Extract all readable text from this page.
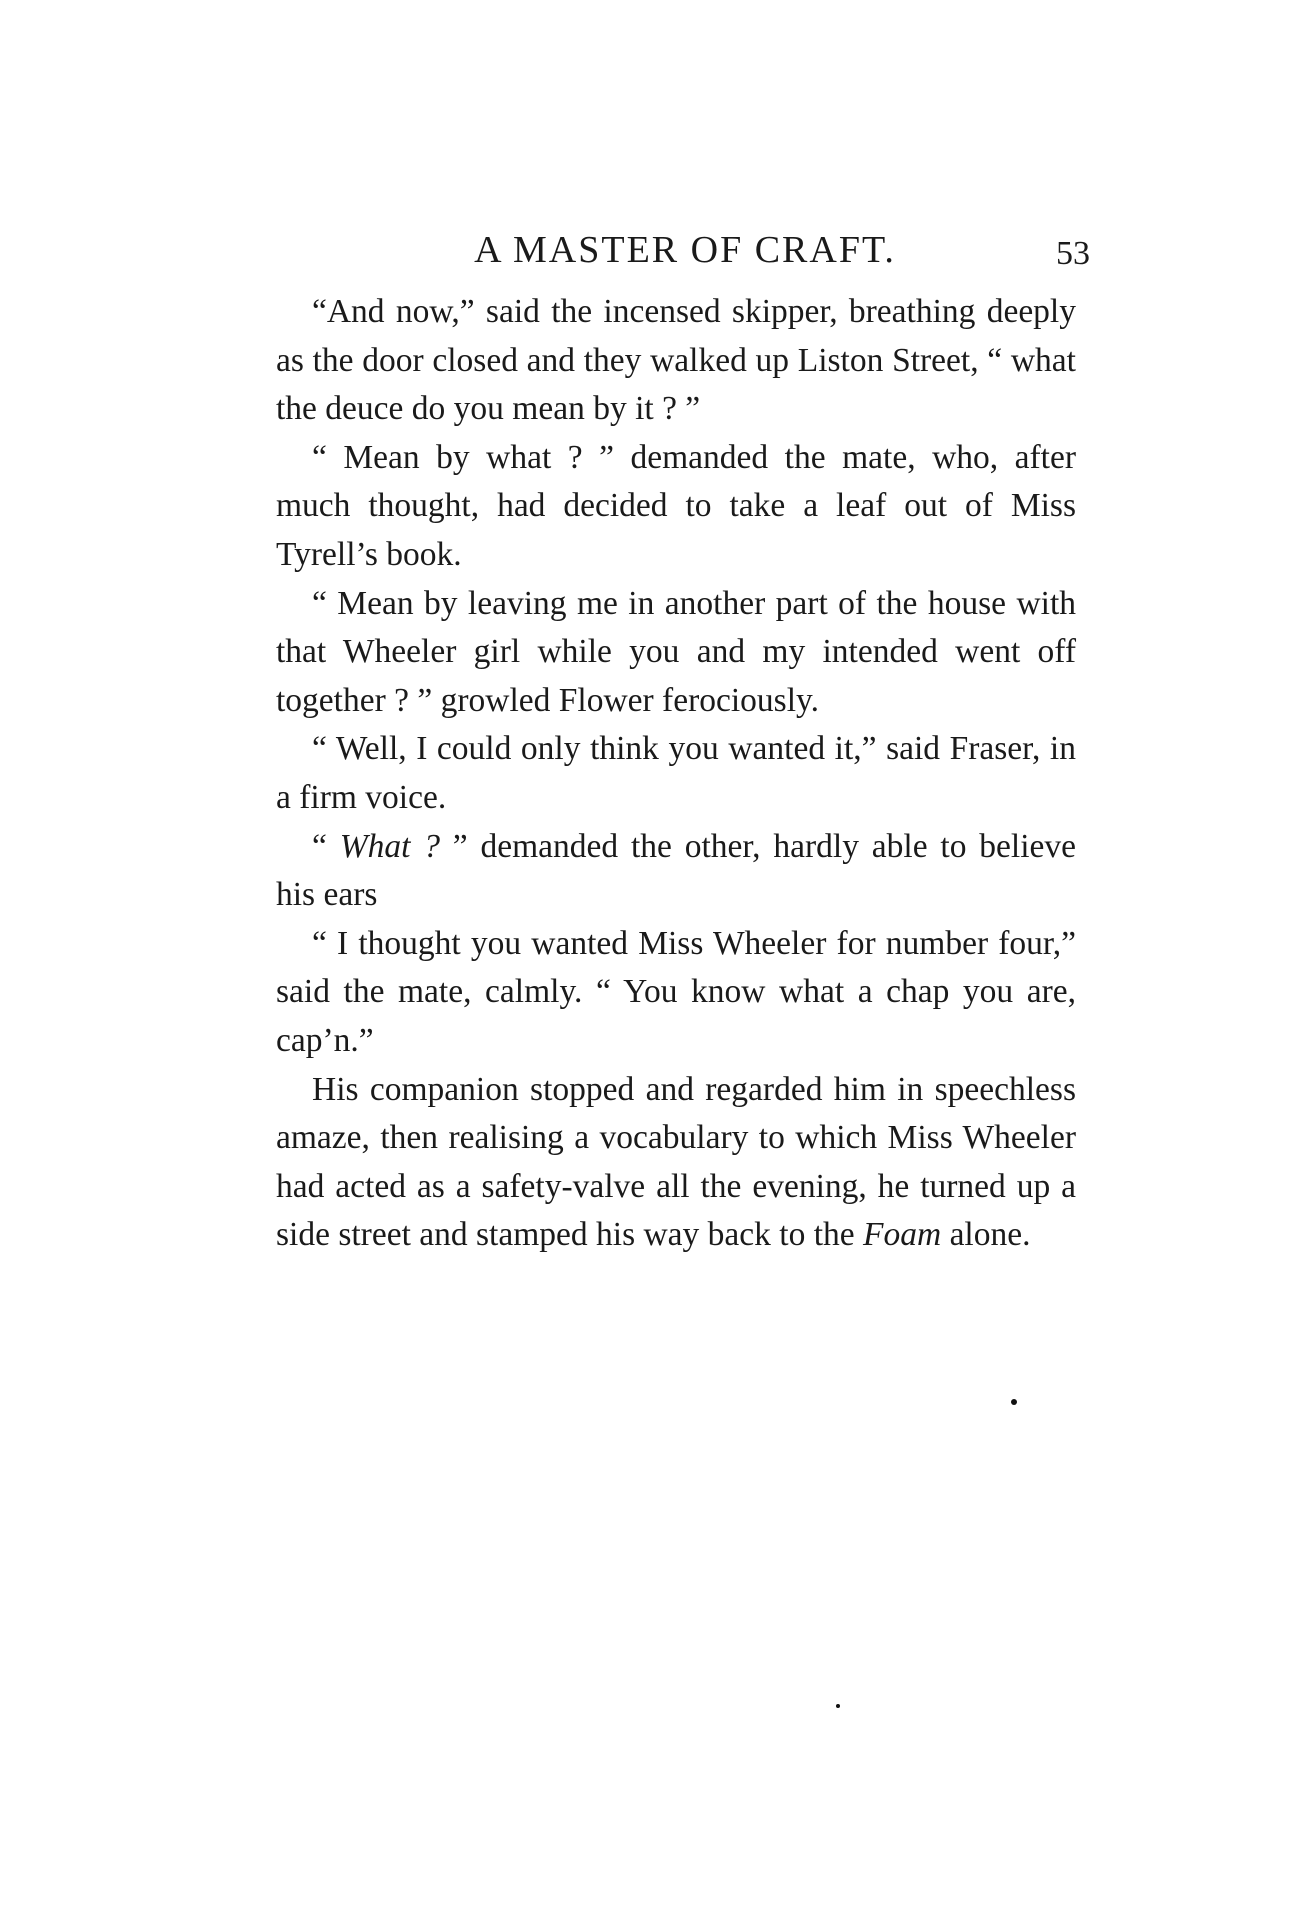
A MASTER OF CRAFT.	53

“And now,” said the incensed skipper, breathing deeply as the door closed and they walked up Liston Street, “ what the deuce do you mean by it ? ”

“ Mean by what ? ” demanded the mate, who, after much thought, had decided to take a leaf out of Miss Tyrell’s book.

“ Mean by leaving me in another part of the house with that Wheeler girl while you and my intended went off together ? ” growled Flower ferociously.

“ Well, I could only think you wanted it,” said Fraser, in a firm voice.

“ What ? ” demanded the other, hardly able to believe his ears

“ I thought you wanted Miss Wheeler for number four,” said the mate, calmly. “ You know what a chap you are, cap’n.”

His companion stopped and regarded him in speechless amaze, then realising a vocabulary to which Miss Wheeler had acted as a safety-valve all the evening, he turned up a side street and stamped his way back to the Foam alone.
